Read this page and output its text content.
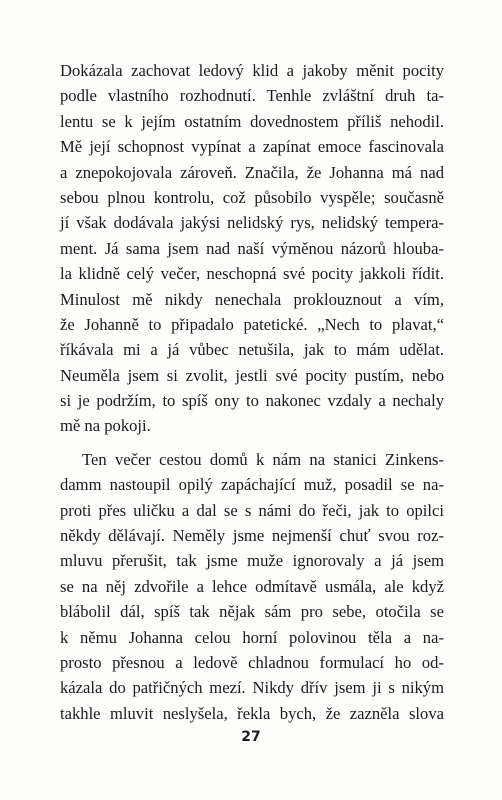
Dokázala zachovat ledový klid a jakoby měnit pocity
podle vlastního rozhodnutí. Tenhle zvláštní druh ta-
lentu se k jejím ostatním dovednostem příliš nehodil.
Mě její schopnost vypínat a zapínat emoce fascinovala
a znepokojovala zároveň. Značila, že Johanna má nad
sebou plnou kontrolu, což působilo vyspěle; současně
jí však dodávala jakýsi nelidský rys, nelidský tempera-
ment. Já sama jsem nad naší výměnou názorů hlouba-
la klidně celý večer, neschopná své pocity jakkoli řídit.
Minulost mě nikdy nenechala proklouznout a vím,
že Johanně to připadalo patetické. „Nech to plavat,“
říkávala mi a já vůbec netušila, jak to mám udělat.
Neuměla jsem si zvolit, jestli své pocity pustím, nebo
si je podržím, to spíš ony to nakonec vzdaly a nechaly
mě na pokoji.
Ten večer cestou domů k nám na stanici Zinkens-
damm nastoupil opilý zapáchající muž, posadil se na-
proti přes uličku a dal se s námi do řeči, jak to opilci
někdy dělávají. Neměly jsme nejmenší chuť svou roz-
mluvu přerušit, tak jsme muže ignorovaly a já jsem
se na něj zdvořile a lehce odmítavě usmála, ale když
blábolil dál, spíš tak nějak sám pro sebe, otočila se
k němu Johanna celou horní polovinou těla a na-
prosto přesnou a ledově chladnou formulací ho od-
kázala do patřičných mezí. Nikdy dřív jsem ji s nikým
takhle mluvit neslyšela, řekla bych, že zazněla slova
27
